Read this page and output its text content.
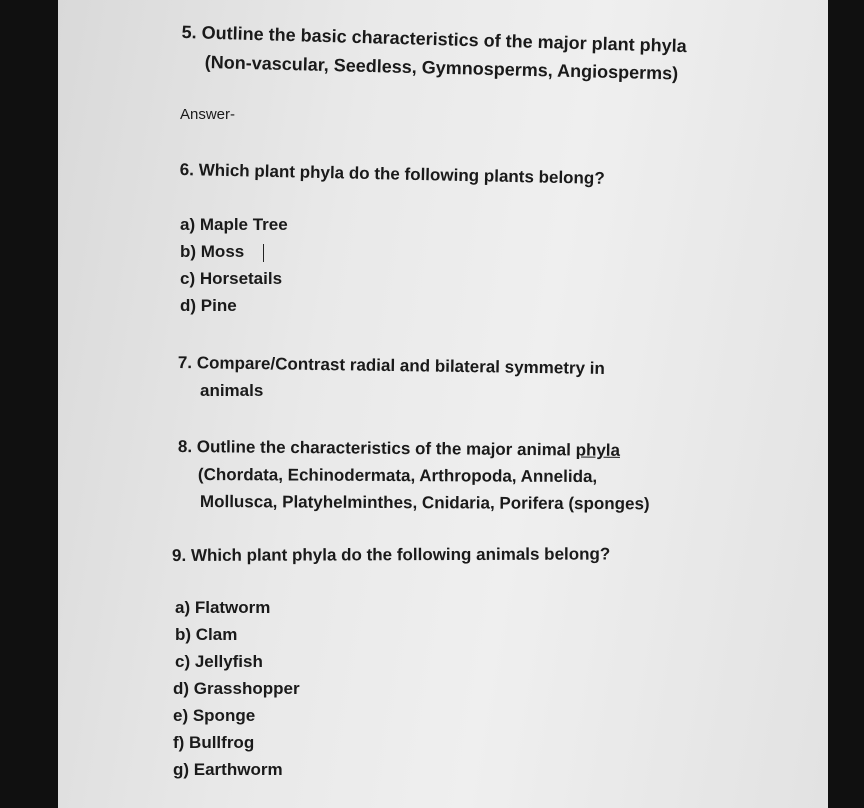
5. Outline the basic characteristics of the major plant phyla
(Non-vascular, Seedless, Gymnosperms, Angiosperms)
Answer-
6. Which plant phyla do the following plants belong?
a) Maple Tree
b) Moss
c) Horsetails
d) Pine
7. Compare/Contrast radial and bilateral symmetry in
animals
8. Outline the characteristics of the major animal phyla
(Chordata, Echinodermata, Arthropoda, Annelida,
Mollusca, Platyhelminthes, Cnidaria, Porifera (sponges)
9. Which plant phyla do the following animals belong?
a) Flatworm
b) Clam
c) Jellyfish
d) Grasshopper
e) Sponge
f) Bullfrog
g) Earthworm
